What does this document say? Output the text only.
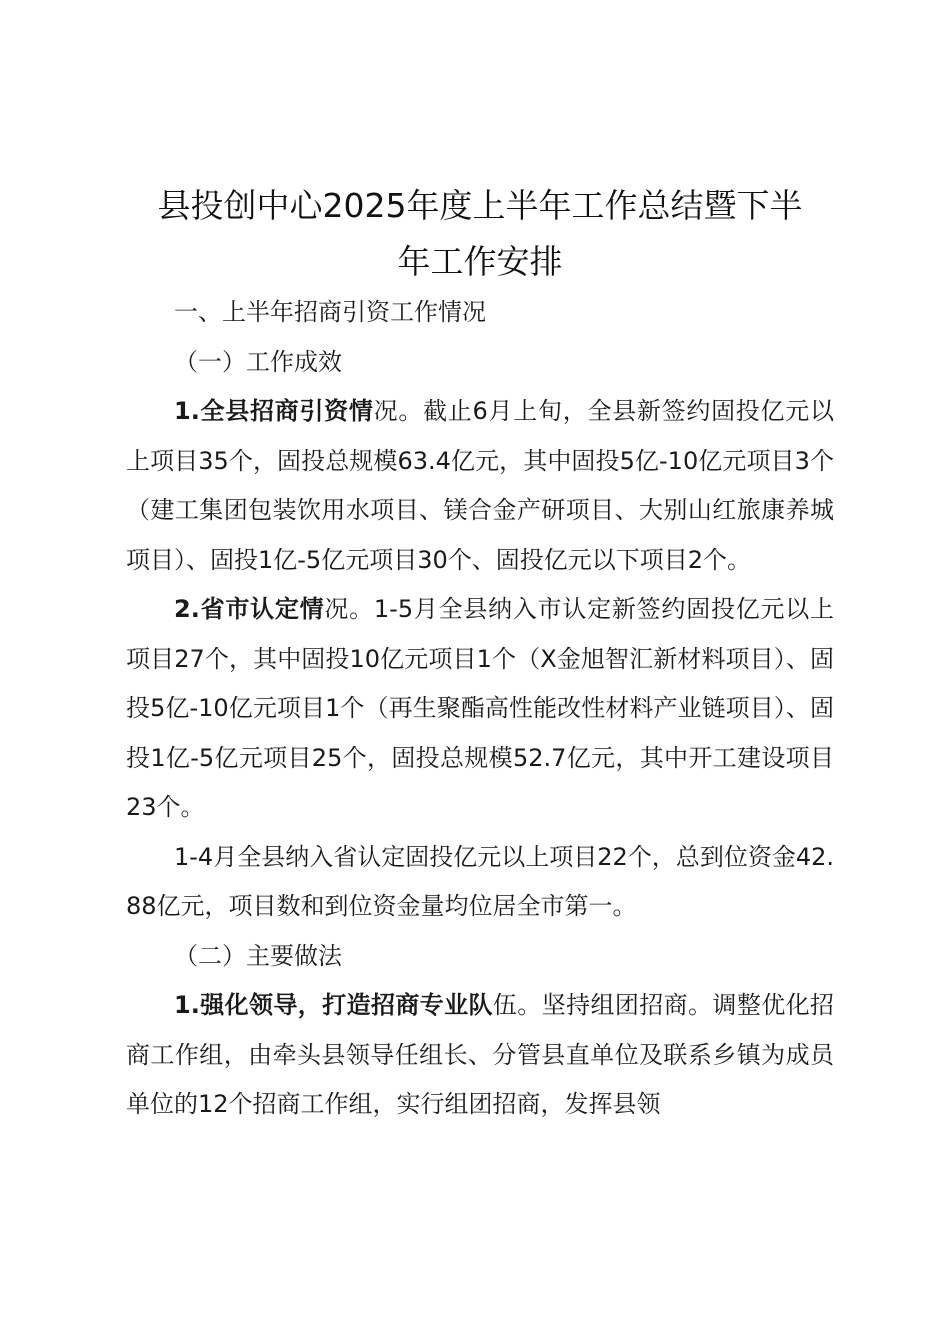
县投创中心2025年度上半年工作总结暨下半
年工作安排

一、上半年招商引资工作情况

（一）工作成效

1.全县招商引资情况。截止6月上旬，全县新签约固投亿元以上项目35个，固投总规模63.4亿元，其中固投5亿-10亿元项目3个（建工集团包装饮用水项目、镁合金产研项目、大别山红旅康养城项目）、固投1亿-5亿元项目30个、固投亿元以下项目2个。

2.省市认定情况。1-5月全县纳入市认定新签约固投亿元以上项目27个，其中固投10亿元项目1个（X金旭智汇新材料项目）、固投5亿-10亿元项目1个（再生聚酯高性能改性材料产业链项目）、固投1亿-5亿元项目25个，固投总规模52.7亿元，其中开工建设项目23个。

1-4月全县纳入省认定固投亿元以上项目22个，总到位资金42.88亿元，项目数和到位资金量均位居全市第一。

（二）主要做法

1.强化领导，打造招商专业队伍。坚持组团招商。调整优化招商工作组，由牵头县领导任组长、分管县直单位及联系乡镇为成员单位的12个招商工作组，实行组团招商，发挥县领
